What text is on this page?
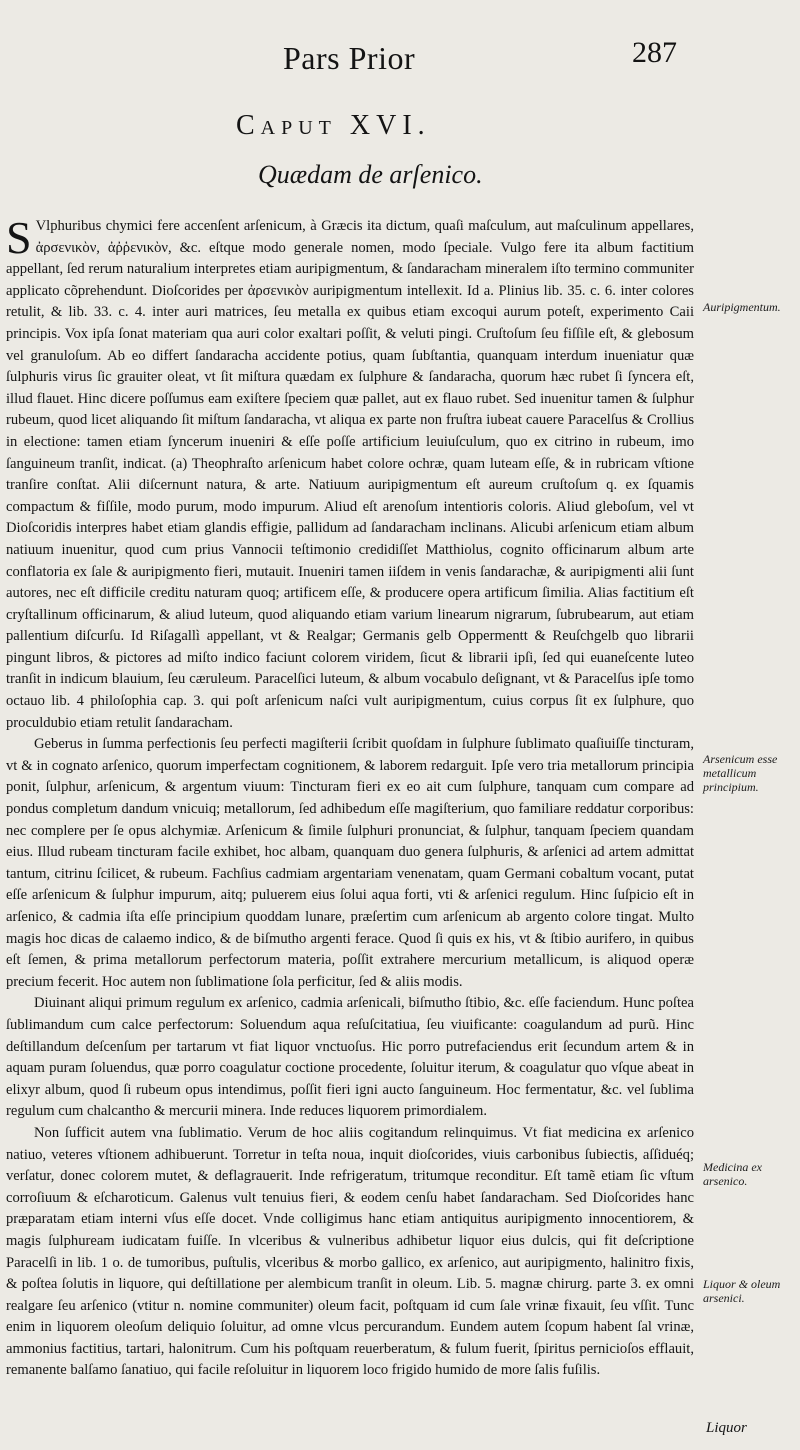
Pars Prior	287
Caput XVI.
Quædam de arſenico.

S Vlphuribus chymici fere accenſent arſenicum, à Græcis ita dictum, quaſi maſculum, aut maſculinum appellares, ἀρσενικὸν, ἀῤῥενικὸν, &c. eſtque modo generale nomen, modo ſpeciale. Vulgo fere ita album factitium appellant, ſed rerum naturalium interpretes etiam auripigmentum, & ſandaracham mineralem iſto termino communiter applicato cõprehendunt. Dioſcorides per ἀρσενικὸν auripigmentum intellexit. Id a. Plinius lib. 35. c. 6. inter colores retulit, & lib. 33. c. 4. inter auri matrices, ſeu metalla ex quibus etiam excoqui aurum poteſt, experimento Caii principis. Vox ipſa ſonat materiam qua auri color exaltari poſſit, & veluti pingi. Cruſtoſum ſeu fiſſile eſt, & glebosum vel granuloſum. Ab eo differt ſandaracha accidente potius, quam ſubſtantia, quanquam interdum inueniatur quæ ſulphuris virus ſic grauiter oleat, vt ſit miſtura quædam ex ſulphure & ſandaracha, quorum hæc rubet ſi ſyncera eſt, illud flauet. Hinc dicere poſſumus eam exiſtere ſpeciem quæ pallet, aut ex flauo rubet. Sed inuenitur tamen & ſulphur rubeum, quod licet aliquando ſit miſtum ſandaracha, vt aliqua ex parte non fruſtra iubeat cauere Paracelſus & Crollius in electione: tamen etiam ſyncerum inueniri & eſſe poſſe artificium leuiuſculum, quo ex citrino in rubeum, imo ſanguineum tranſit, indicat. (a) Theophraſto arſenicum habet colore ochræ, quam luteam eſſe, & in rubricam vſtione tranſire conſtat. Alii diſcernunt natura, & arte. Natiuum auripigmentum eſt aureum cruſtoſum q. ex ſquamis compactum & fiſſile, modo purum, modo impurum. Aliud eſt arenoſum intentioris coloris. Aliud gleboſum, vel vt Dioſcoridis interpres habet etiam glandis effigie, pallidum ad ſandaracham inclinans. Alicubi arſenicum etiam album natiuum inuenitur, quod cum prius Vannocii teſtimonio credidiſſet Matthiolus, cognito officinarum album arte conflatoria ex ſale & auripigmento fieri, mutauit. Inueniri tamen iiſdem in venis ſandarachæ, & auripigmenti alii ſunt autores, nec eſt difficile creditu naturam quoq; artificem eſſe, & producere opera artificum ſimilia. Alias factitium eſt cryſtallinum officinarum, & aliud luteum, quod aliquando etiam varium linearum nigrarum, ſubrubearum, aut etiam pallentium diſcurſu. Id Riſagallì appellant, vt & Realgar; Germanis gelb Oppermentt & Reuſchgelb quo librarii pingunt libros, & pictores ad miſto indico faciunt colorem viridem, ſicut & librarii ipſi, ſed qui euaneſcente luteo tranſit in indicum blauium, ſeu cæruleum. Paracelſici luteum, & album vocabulo deſignant, vt & Paracelſus ipſe tomo octauo lib. 4 philoſophia cap. 3. qui poſt arſenicum naſci vult auripigmentum, cuius corpus ſit ex ſulphure, quo proculdubio etiam retulit ſandaracham.

Geberus in ſumma perfectionis ſeu perfecti magiſterii ſcribit quoſdam in ſulphure ſublimato quaſiuiſſe tincturam, vt & in cognato arſenico, quorum imperfectam cognitionem, & laborem redarguit. Ipſe vero tria metallorum principia ponit, ſulphur, arſenicum, & argentum viuum: Tincturam fieri ex eo ait cum ſulphure, tanquam cum compare ad pondus completum dandum vnicuiq; metallorum, ſed adhibedum eſſe magiſterium, quo familiare reddatur corporibus: nec complere per ſe opus alchymiæ. Arſenicum & ſimile ſulphuri pronunciat, & ſulphur, tanquam ſpeciem quandam eius. Illud rubeam tincturam facile exhibet, hoc albam, quanquam duo genera ſulphuris, & arſenici ad artem admittat tantum, citrinu ſcilicet, & rubeum. Fachſius cadmiam argentariam venenatam, quam Germani cobaltum vocant, putat eſſe arſenicum & ſulphur impurum, aitq; puluerem eius ſolui aqua forti, vti & arſenici regulum. Hinc ſuſpicio eſt in arſenico, & cadmia iſta eſſe principium quoddam lunare, præſertim cum arſenicum ab argento colore tingat. Multo magis hoc dicas de calaemo indico, & de biſmutho argenti ferace. Quod ſi quis ex his, vt & ſtibio aurifero, in quibus eſt ſemen, & prima metallorum perfectorum materia, poſſit extrahere mercurium metallicum, is aliquod operæ precium fecerit. Hoc autem non ſublimatione ſola perficitur, ſed & aliis modis.

Diuinant aliqui primum regulum ex arſenico, cadmia arſenicali, biſmutho ſtibio, &c. eſſe faciendum. Hunc poſtea ſublimandum cum calce perfectorum: Soluendum aqua reſuſcitatiua, ſeu viuificante: coagulandum ad purũ. Hinc deſtillandum deſcenſum per tartarum vt fiat liquor vnctuoſus. Hic porro putrefaciendus erit ſecundum artem & in aquam puram ſoluendus, quæ porro coagulatur coctione procedente, ſoluitur iterum, & coagulatur quo vſque abeat in elixyr album, quod ſi rubeum opus intendimus, poſſit fieri igni aucto ſanguineum. Hoc fermentatur, &c. vel ſublima regulum cum chalcantho & mercurii minera. Inde reduces liquorem primordialem.

Non ſufficit autem vna ſublimatio. Verum de hoc aliis cogitandum relinquimus. Vt fiat medicina ex arſenico natiuo, veteres vſtionem adhibuerunt. Torretur in teſta noua, inquit dioſcorides, viuis carbonibus ſubiectis, aſſiduéq; verſatur, donec colorem mutet, & deflagrauerit. Inde refrigeratum, tritumque reconditur. Eſt tamẽ etiam ſic vſtum corroſiuum & eſcharoticum. Galenus vult tenuius fieri, & eodem cenſu habet ſandaracham. Sed Dioſcorides hanc præparatam etiam interni vſus eſſe docet. Vnde colligimus hanc etiam antiquitus auripigmento innocentiorem, & magis ſulphuream iudicatam fuiſſe. In vlceribus & vulneribus adhibetur liquor eius dulcis, qui fit deſcriptione Paracelſi in lib. 1 o. de tumoribus, puſtulis, vlceribus & morbo gallico, ex arſenico, aut auripigmento, halinitro fixis, & poſtea ſolutis in liquore, qui deſtillatione per alembicum tranſit in oleum. Lib. 5. magnæ chirurg. parte 3. ex omni realgare ſeu arſenico (vtitur n. nomine communiter) oleum facit, poſtquam id cum ſale vrinæ fixauit, ſeu vſſit. Tunc enim in liquorem oleoſum deliquio ſoluitur, ad omne vlcus percurandum. Eundem autem ſcopum habent ſal vrinæ, ammonius factitius, tartari, halonitrum. Cum his poſtquam reuerberatum, & fulum fuerit, ſpiritus pernicioſos efflauit, remanente balſamo ſanatiuo, qui facile reſoluitur in liquorem loco frigido humido de more ſalis fuſilis.

Auripigmentum.
Arsenicum esse metallicum principium.
Medicina ex arsenico.
Liquor & oleum arsenici.
Liquor
